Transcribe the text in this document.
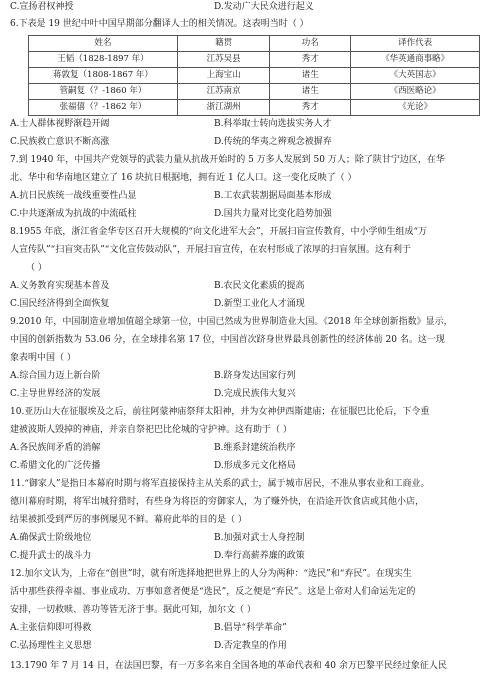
C.宣扬君权神授	D.发动广大民众进行起义
6.下表是 19 世纪中叶中国早期部分翻译人士的相关情况。这表明当时（ ）
姓名	籍贯	功名	译作代表
王韬（1828-1897 年）	江苏吴县	秀才	《华英通商事略》
蒋敦复（1808-1867 年）	上海宝山	诸生	《大英国志》
管嗣复（？-1860 年）	江苏南京	诸生	《西医略论》
张福僖（？-1862 年）	浙江湖州	秀才	《光论》
A.士人群体视野渐趋开阔	B.科举取士转向选拔实务人才
C.民族救亡意识不断高涨	D.传统的华夷之辨观念被摒弃
7.到 1940 年，中国共产党领导的武装力量从抗战开始时的 5 万多人发展到 50 万人；除了陕甘宁边区，在华
北、华中和华南地区建立了 16 块抗日根据地，拥有近 1 亿人口。这一变化反映了（ ）
A.抗日民族统一战线重要性凸显	B.工农武装割据局面基本形成
C.中共逐渐成为抗战的中流砥柱	D.国共力量对比变化趋势加强
8.1955 年底，浙江省金华专区召开大规模的“向文化进军大会”，开展扫盲宣传教育，中小学师生组成“万
人宣传队”“扫盲突击队”“文化宣传鼓动队”，开展扫盲宣传，在农村形成了浓厚的扫盲氛围。这有利于
（ ）
A.义务教育实现基本普及	B.农民文化素质的提高
C.国民经济得到全面恢复	D.新型工业化人才涌现
9.2010 年，中国制造业增加值超全球第一位，中国已然成为世界制造业大国。《2018 年全球创新指数》显示，
中国的创新指数为 53.06 分，在全球排名第 17 位，中国首次跻身世界最具创新性的经济体前 20 名。这一现
象表明中国（ ）
A.综合国力迈上新台阶	B.跻身发达国家行列
C.主导世界经济的发展	D.完成民族伟大复兴
10.亚历山大在征服埃及之后，前往阿蒙神庙祭拜太阳神，并为女神伊西斯建庙；在征服巴比伦后，下令重
建被波斯人毁掉的神庙，并亲自祭祀巴比伦城的守护神。这有助于（ ）
A.各民族间矛盾的消解	B.维系封建统治秩序
C.希腊文化的广泛传播	D.形成多元文化格局
11.“御家人”是指日本幕府时期与将军直接保持主从关系的武士，属于城市居民，不准从事农业和工商业。
德川幕府时期，将军出城狩猎时，有些身为将臣的穷御家人，为了赚外快，在沿途开饮食店或其他小店，
结果被抓受到严厉的事例屡见不鲜。幕府此举的目的是（ ）
A.确保武士阶级地位	B.加强对武士人身控制
C.提升武士的战斗力	D.奉行高薪养廉的政策
12.加尔文认为，上帝在“创世”时，就有所选择地把世界上的人分为两种：“选民”和“弃民”。在现实生
活中那些获得幸福、事业成功、万事如意者便是“选民”，反之便是“弃民”。这是上帝对人们命运先定的
安排，一切救赎、善功等皆无济于事。据此可知，加尔文（ ）
A.主张信仰即可得救	B.倡导“科学革命”
C.弘扬理性主义思想	D.否定教皇的作用
13.1790 年 7 月 14 日，在法国巴黎，有一万多名来自全国各地的革命代表和 40 余万巴黎平民经过象征人民
